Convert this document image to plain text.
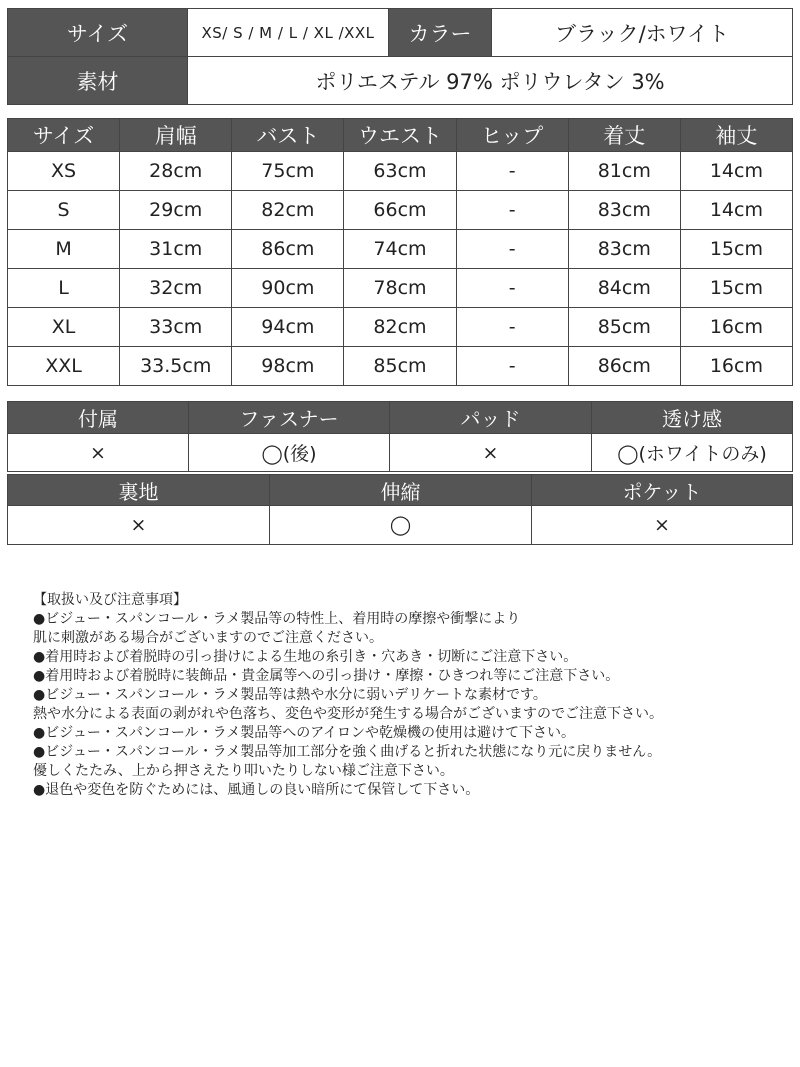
サイズ	XS/ S / M / L / XL /XXL	カラー	ブラック/ホワイト
素材	ポリエステル 97% ポリウレタン 3%		
サイズ	肩幅	バスト	ウエスト	ヒップ	着丈	袖丈
XS	28cm	75cm	63cm	-	81cm	14cm
S	29cm	82cm	66cm	-	83cm	14cm
M	31cm	86cm	74cm	-	83cm	15cm
L	32cm	90cm	78cm	-	84cm	15cm
XL	33cm	94cm	82cm	-	85cm	16cm
XXL	33.5cm	98cm	85cm	-	86cm	16cm
付属	ファスナー	パッド	透け感
×	◯(後)	×	◯(ホワイトのみ)
裏地	伸縮	ポケット
×	◯	×
【取扱い及び注意事項】
●ビジュー・スパンコール・ラメ製品等の特性上、着用時の摩擦や衝撃により
肌に刺激がある場合がございますのでご注意ください。
●着用時および着脱時の引っ掛けによる生地の糸引き・穴あき・切断にご注意下さい。
●着用時および着脱時に装飾品・貴金属等への引っ掛け・摩擦・ひきつれ等にご注意下さい。
●ビジュー・スパンコール・ラメ製品等は熱や水分に弱いデリケートな素材です。
熱や水分による表面の剥がれや色落ち、変色や変形が発生する場合がございますのでご注意下さい。
●ビジュー・スパンコール・ラメ製品等へのアイロンや乾燥機の使用は避けて下さい。
●ビジュー・スパンコール・ラメ製品等加工部分を強く曲げると折れた状態になり元に戻りません。
優しくたたみ、上から押さえたり叩いたりしない様ご注意下さい。
●退色や変色を防ぐためには、風通しの良い暗所にて保管して下さい。
